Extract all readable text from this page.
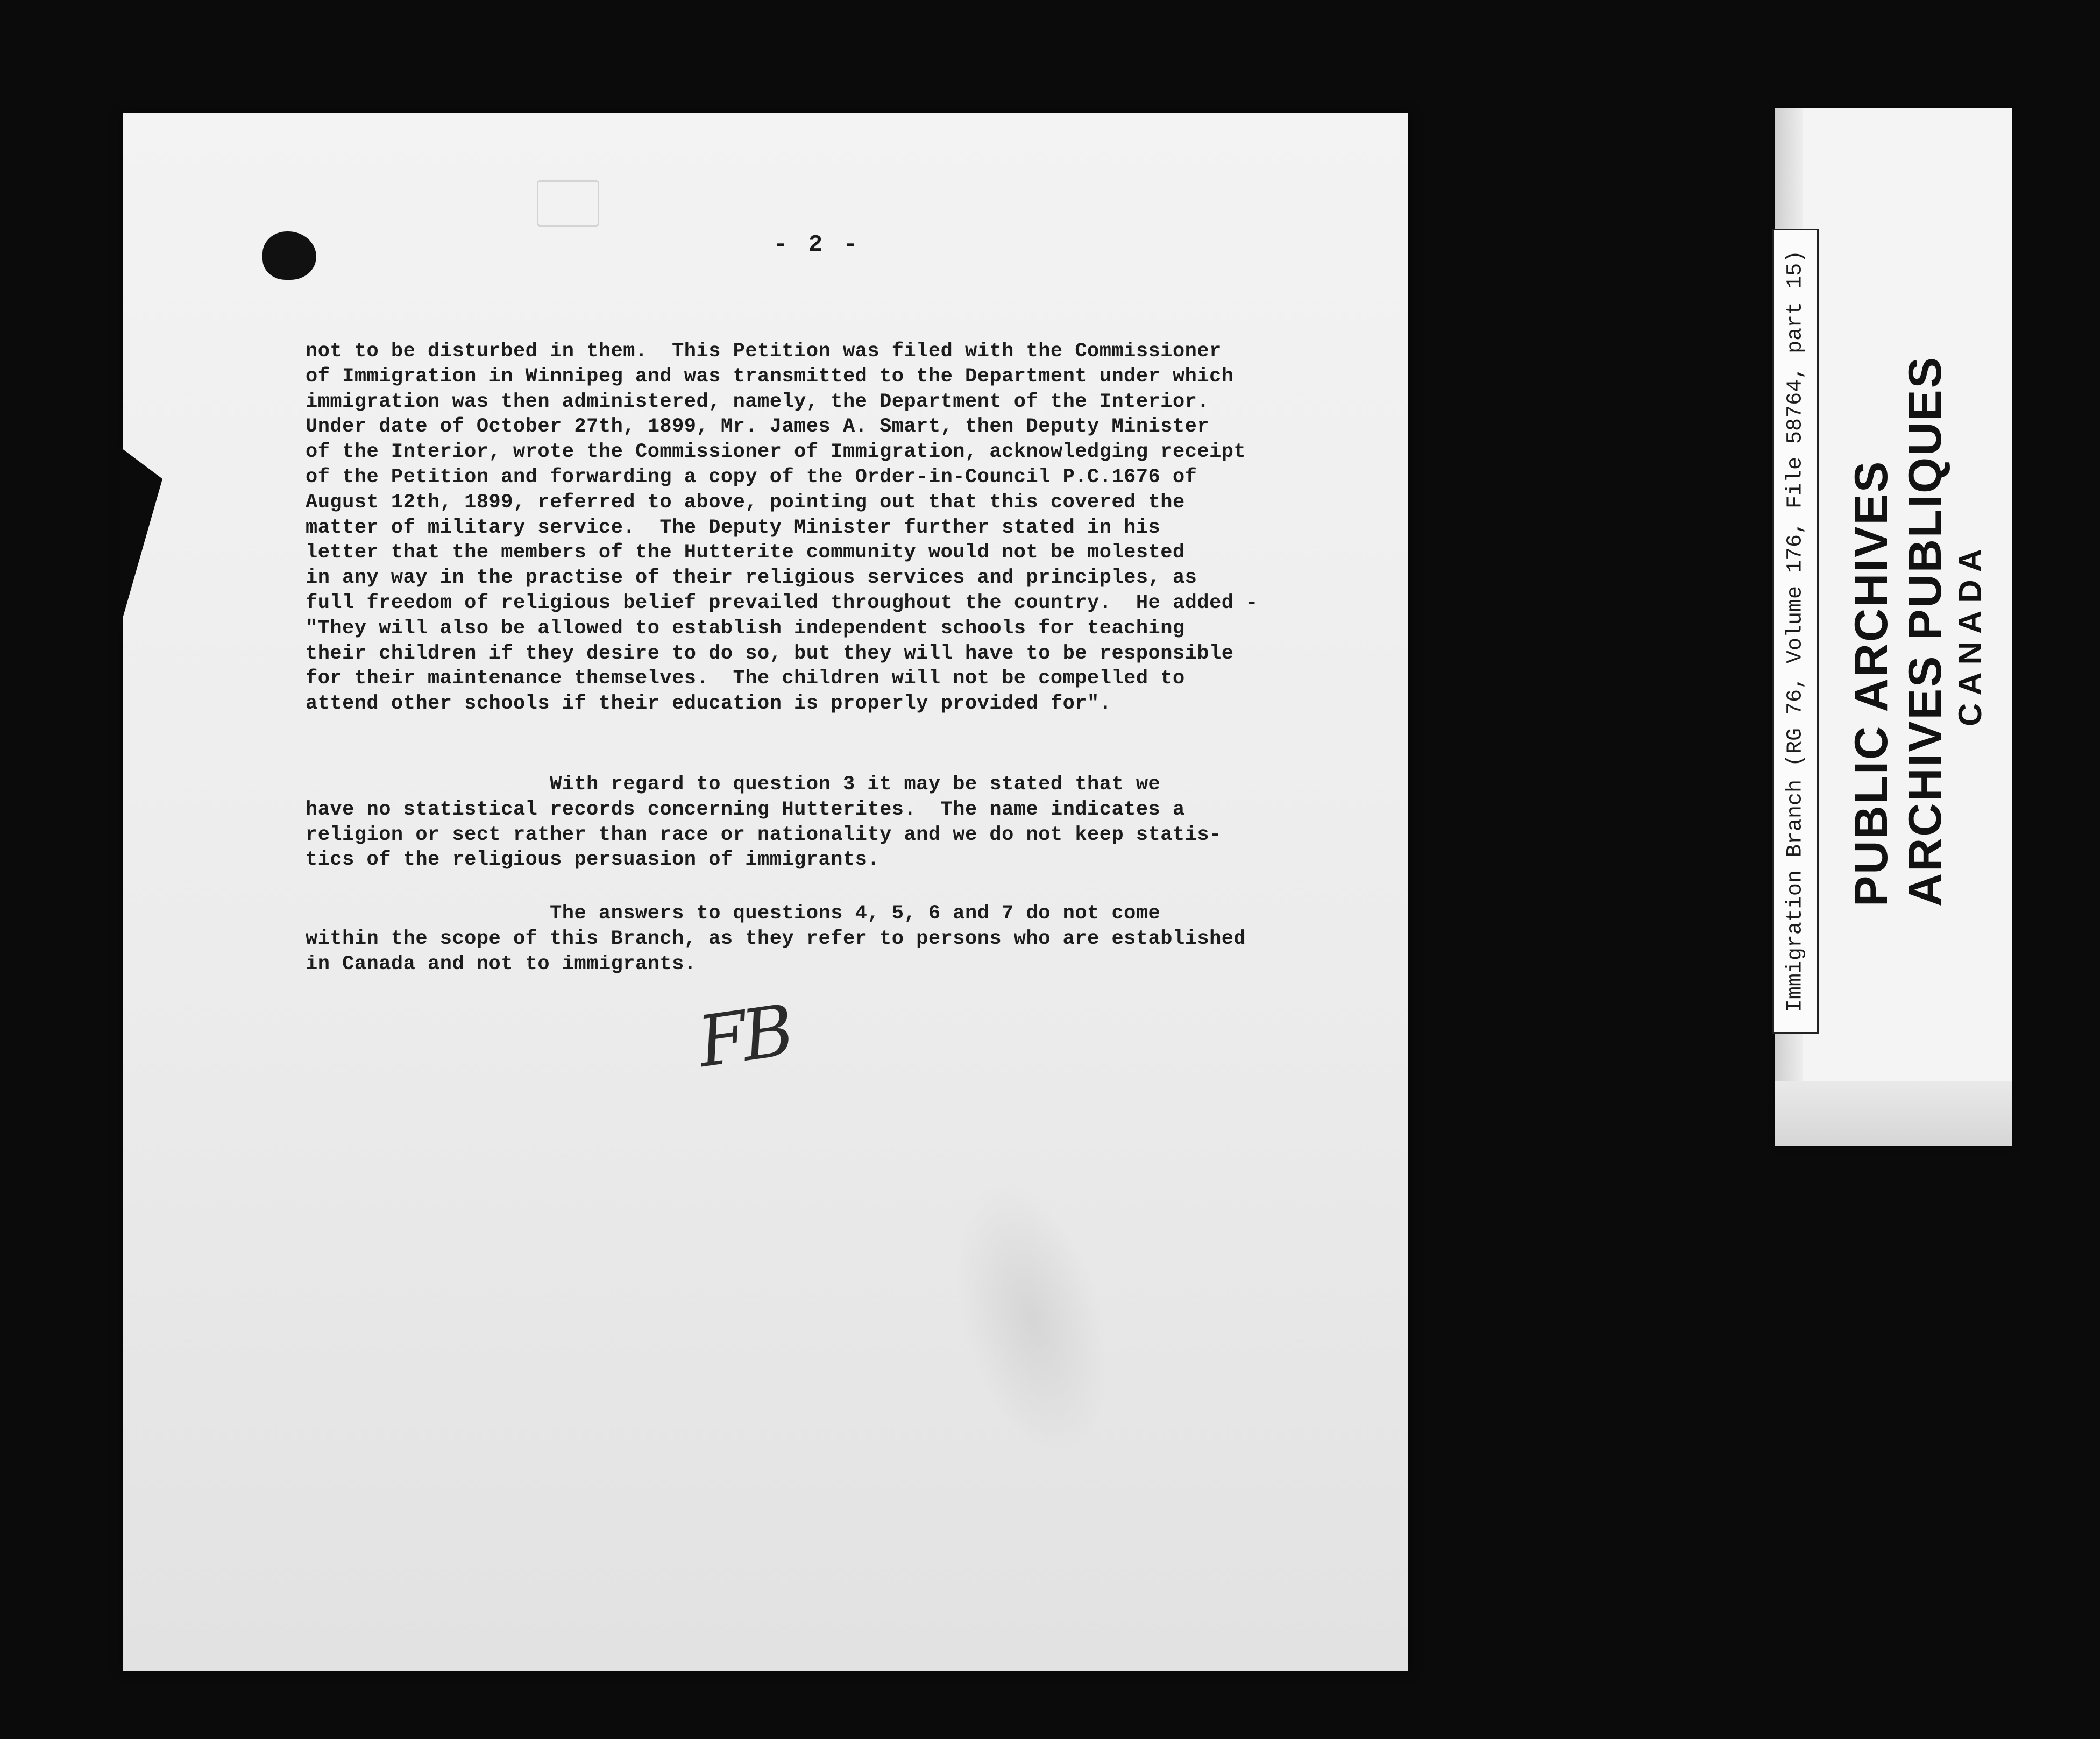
- 2 -
not to be disturbed in them.  This Petition was filed with the Commissioner
of Immigration in Winnipeg and was transmitted to the Department under which
immigration was then administered, namely, the Department of the Interior.
Under date of October 27th, 1899, Mr. James A. Smart, then Deputy Minister
of the Interior, wrote the Commissioner of Immigration, acknowledging receipt
of the Petition and forwarding a copy of the Order-in-Council P.C.1676 of
August 12th, 1899, referred to above, pointing out that this covered the
matter of military service.  The Deputy Minister further stated in his
letter that the members of the Hutterite community would not be molested
in any way in the practise of their religious services and principles, as
full freedom of religious belief prevailed throughout the country.  He added -
"They will also be allowed to establish independent schools for teaching
their children if they desire to do so, but they will have to be responsible
for their maintenance themselves.  The children will not be compelled to
attend other schools if their education is properly provided for".
With regard to question 3 it may be stated that we
have no statistical records concerning Hutterites.  The name indicates a
religion or sect rather than race or nationality and we do not keep statis-
tics of the religious persuasion of immigrants.
The answers to questions 4, 5, 6 and 7 do not come
within the scope of this Branch, as they refer to persons who are established
in Canada and not to immigrants.
FB
Immigration Branch (RG 76, Volume 176, File 58764, part 15) PUBLIC ARCHIVES ARCHIVES PUBLIQUES CANADA
